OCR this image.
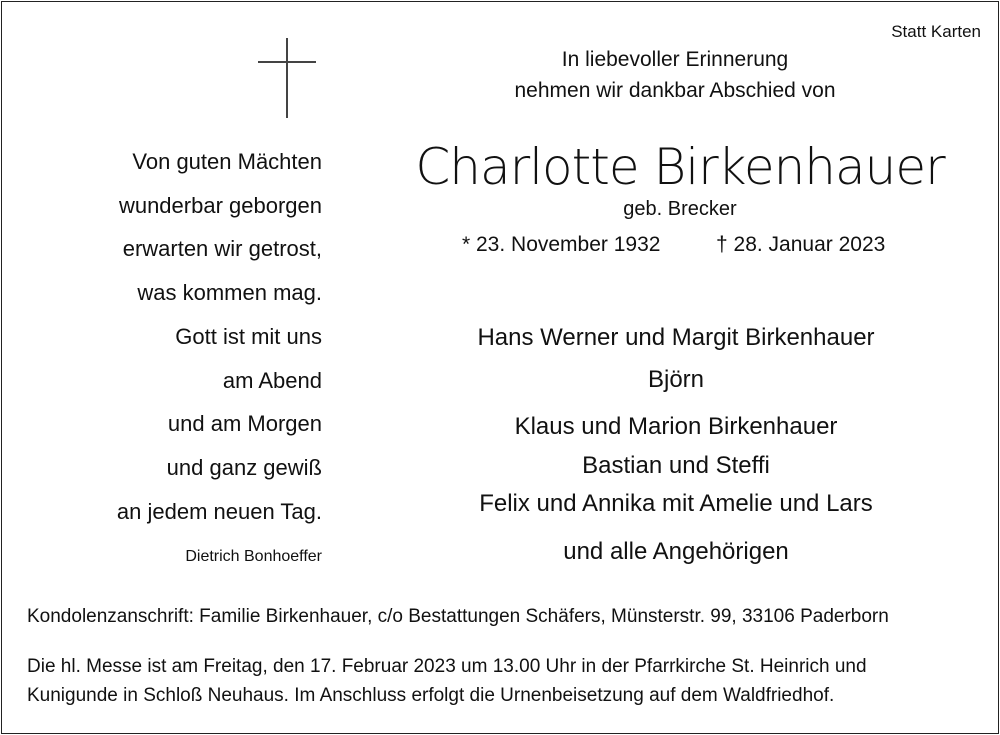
Statt Karten
In liebevoller Erinnerung
nehmen wir dankbar Abschied von
Charlotte Birkenhauer
geb. Brecker
* 23. November 1932	† 28. Januar 2023
Von guten Mächten
wunderbar geborgen
erwarten wir getrost,
was kommen mag.
Gott ist mit uns
am Abend
und am Morgen
und ganz gewiß
an jedem neuen Tag.
Dietrich Bonhoeffer
Hans Werner und Margit Birkenhauer
Björn
Klaus und Marion Birkenhauer
Bastian und Steffi
Felix und Annika mit Amelie und Lars
und alle Angehörigen
Kondolenzanschrift: Familie Birkenhauer, c/o Bestattungen Schäfers, Münsterstr. 99, 33106 Paderborn
Die hl. Messe ist am Freitag, den 17. Februar 2023 um 13.00 Uhr in der Pfarrkirche St. Heinrich und
Kunigunde in Schloß Neuhaus. Im Anschluss erfolgt die Urnenbeisetzung auf dem Waldfriedhof.
